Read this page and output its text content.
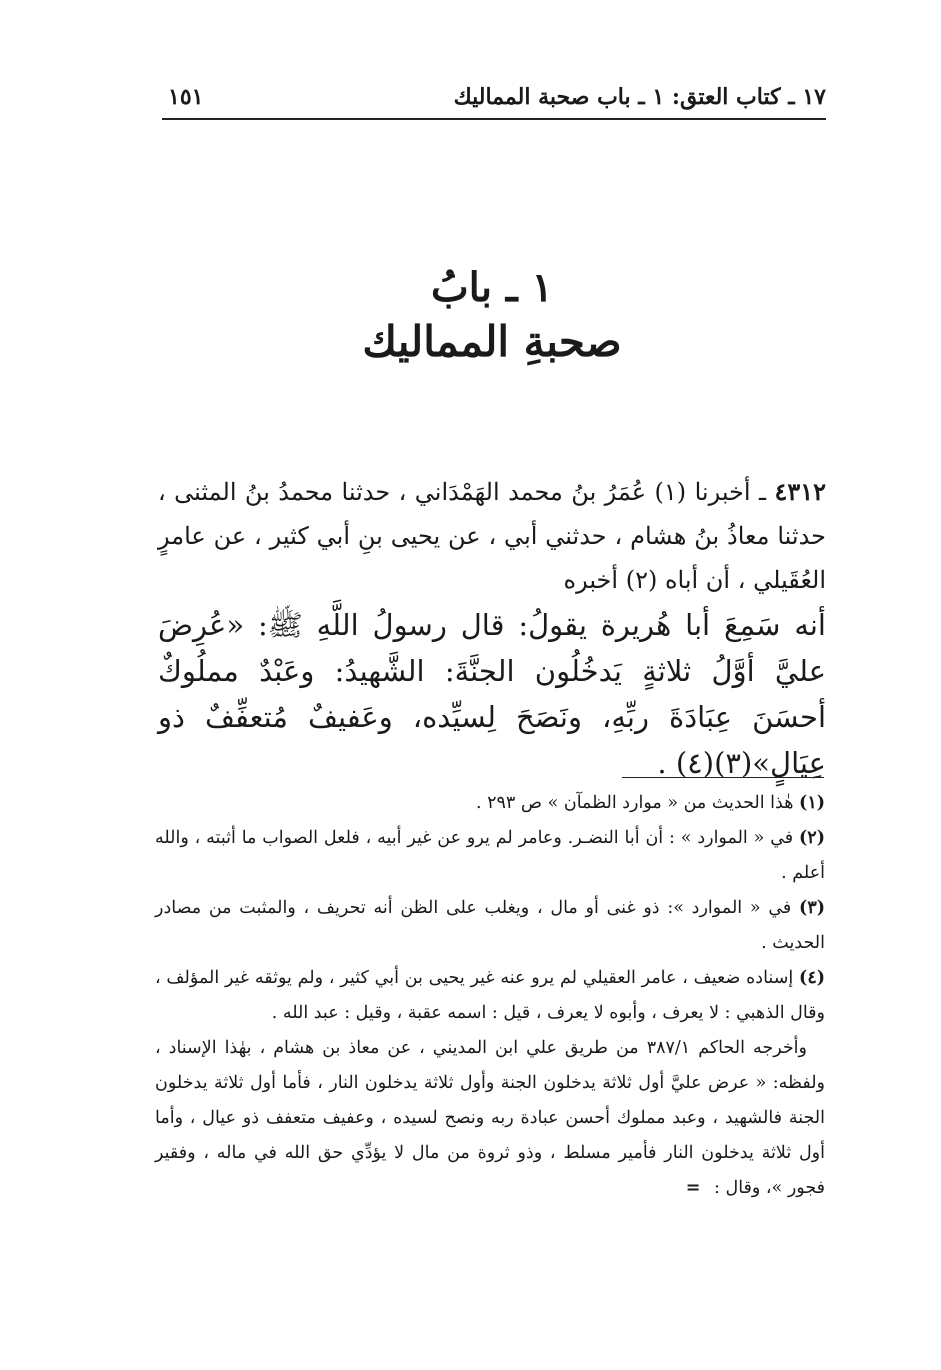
١٧ ـ كتاب العتق: ١ ـ باب صحبة المماليك
١٥١
١ ـ بابُ
صحبةِ المماليك

٤٣١٢ ـ أخبرنا (١) عُمَرُ بنُ محمد الهَمْدَاني ، حدثنا محمدُ بنُ المثنى ، حدثنا معاذُ بنُ هشام ، حدثني أبي ، عن يحيى بنِ أبي كثير ، عن عامرٍ العُقَيلي ، أن أباه (٢) أخبره

أنه سَمِعَ أبا هُريرة يقولُ: قال رسولُ اللَّهِ ﷺ: «عُرِضَ عليَّ أوَّلُ ثلاثةٍ يَدخُلُون الجنَّةَ: الشَّهيدُ: وعَبْدٌ مملُوكٌ أحسَنَ عِبَادَةَ ربِّهِ، ونَصَحَ لِسيِّده، وعَفيفٌ مُتعفِّفٌ ذو عِيَالٍ»(٣)(٤) .

(١) هٰذا الحديث من « موارد الظمآن » ص ٢٩٣ .

(٢) في « الموارد » : أن أبا النضـر. وعامر لم يرو عن غير أبيه ، فلعل الصواب ما أثبته ، والله أعلم .

(٣) في « الموارد »: ذو غنى أو مال ، ويغلب على الظن أنه تحريف ، والمثبت من مصادر الحديث .

(٤) إسناده ضعيف ، عامر العقيلي لم يرو عنه غير يحيى بن أبي كثير ، ولم يوثقه غير المؤلف ، وقال الذهبي : لا يعرف ، وأبوه لا يعرف ، قيل : اسمه عقبة ، وقيل : عبد الله .

وأخرجه الحاكم ٣٨٧/١ من طريق علي ابن المديني ، عن معاذ بن هشام ، بهٰذا الإسناد ، ولفظه: « عرض عليَّ أول ثلاثة يدخلون الجنة وأول ثلاثة يدخلون النار ، فأما أول ثلاثة يدخلون الجنة فالشهيد ، وعبد مملوك أحسن عبادة ربه ونصح لسيده ، وعفيف متعفف ذو عيال ، وأما أول ثلاثة يدخلون النار فأمير مسلط ، وذو ثروة من مال لا يؤدِّي حق الله في ماله ، وفقير فجور »، وقال : =
